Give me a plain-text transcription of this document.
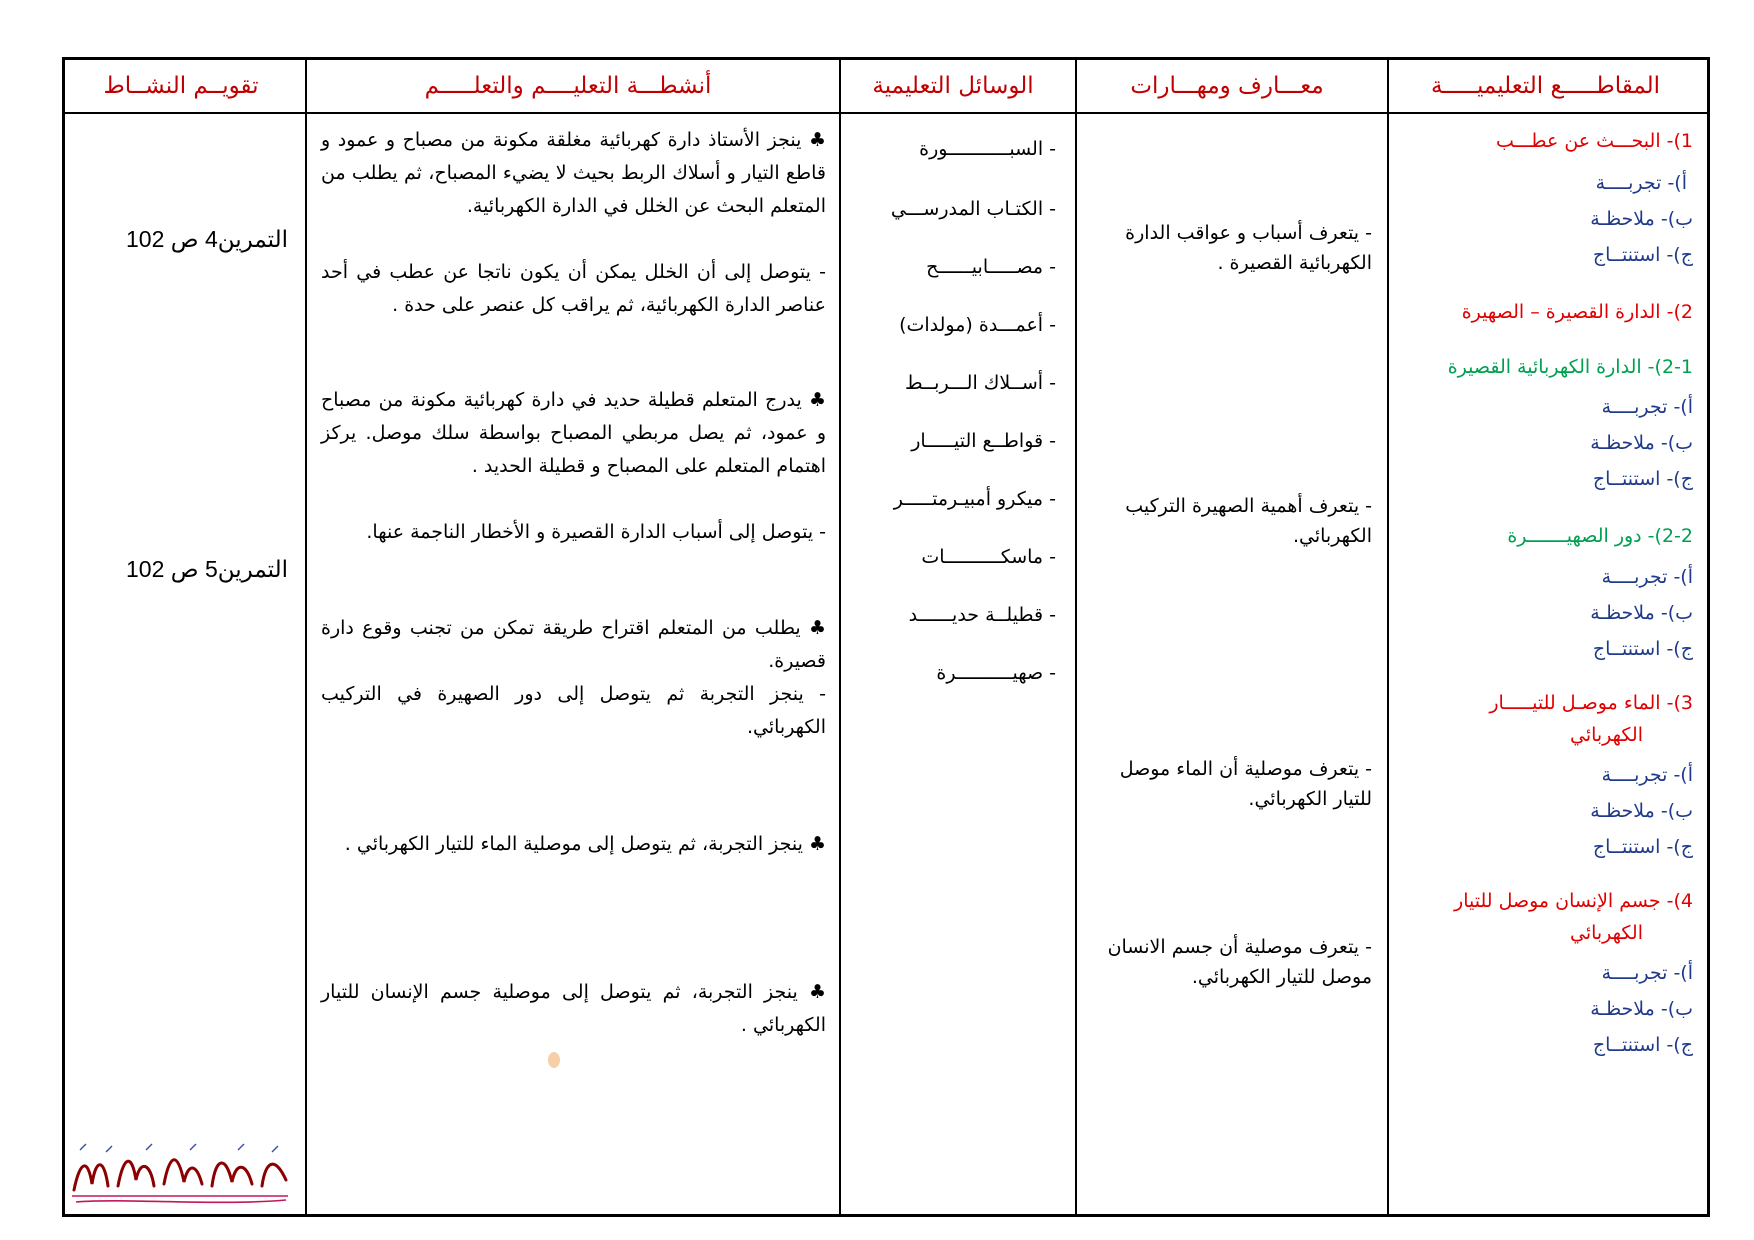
المقاطـــــع التعليميـــــة
معـــارف ومهـــارات
الوسائل التعليمية
أنشطـــة التعليــــم والتعلـــــم
تقويــم النشــاط
1)- البحـــث عن عطـــب
أ)- تجربــــة
ب)- ملاحظـة
ج)- استنتــاج
2)- الدارة القصيرة – الصهيرة
2-1)- الدارة الكهربائية القصيرة
أ)- تجربــــة
ب)- ملاحظـة
ج)- استنتــاج
2-2)- دور الصهيـــــــرة
أ)- تجربــــة
ب)- ملاحظـة
ج)- استنتــاج
3)- الماء موصـل للتيـــــار
الكهربائي
أ)- تجربــــة
ب)- ملاحظـة
ج)- استنتــاج
4)- جسم الإنسان موصل للتيار
الكهربائي
أ)- تجربــــة
ب)- ملاحظـة
ج)- استنتــاج
- يتعرف أسباب و عواقب الدارة الكهربائية القصيرة .
- يتعرف أهمية الصهيرة التركيب الكهربائي.
- يتعرف موصلية أن الماء موصل للتيار الكهربائي.
- يتعرف موصلية أن جسم الانسان موصل للتيار الكهربائي.
- السبـــــــــــورة
- الكتـاب المدرســـي
- مصـــــابيــــــح
- أعمـــدة (مولدات)
- أســلاك الـــربــط
- قواطــع التيـــــار
- ميكرو أمبيـرمتـــــر
- ماسكــــــــــات
- قطيلــة حديــــــد
- صهيــــــــــرة
♣ ينجز الأستاذ دارة كهربائية مغلقة مكونة من مصباح و عمود و قاطع التيار و أسلاك الربط بحيث لا يضيء المصباح، ثم يطلب من المتعلم البحث عن الخلل في الدارة الكهربائية.
- يتوصل إلى أن الخلل يمكن أن يكون ناتجا عن عطب في أحد عناصر الدارة الكهربائية، ثم يراقب كل عنصر على حدة .
♣ يدرج المتعلم قطيلة حديد في دارة كهربائية مكونة من مصباح و عمود، ثم يصل مربطي المصباح بواسطة سلك موصل. يركز اهتمام المتعلم على المصباح و قطيلة الحديد .
- يتوصل إلى أسباب الدارة القصيرة و الأخطار الناجمة عنها.
♣ يطلب من المتعلم اقتراح طريقة تمكن من تجنب وقوع دارة قصيرة.
- ينجز التجربة ثم يتوصل إلى دور الصهيرة في التركيب الكهربائي.
♣ ينجز التجربة، ثم يتوصل إلى موصلية الماء للتيار الكهربائي .
♣ ينجز التجربة، ثم يتوصل إلى موصلية جسم الإنسان للتيار الكهربائي .
التمرين4 ص 102
التمرين5 ص 102
